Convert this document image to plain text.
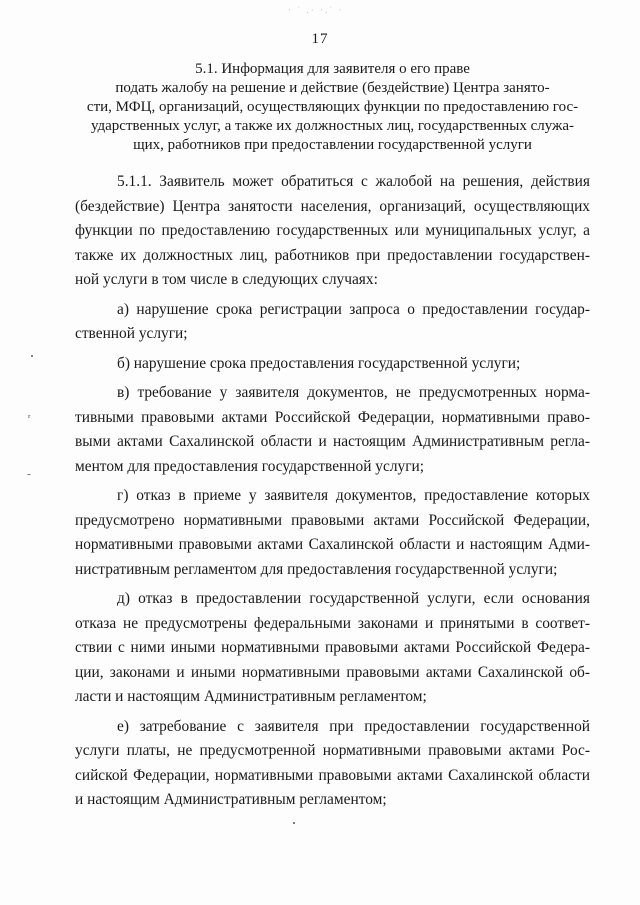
· ˙ .· ·.˙ ·
17
5.1. Информация для заявителя о его праве
подать жалобу на решение и действие (бездействие) Центра занято-
сти, МФЦ, организаций, осуществляющих функции по предоставлению гос-
ударственных услуг, а также их должностных лиц, государственных служа-
щих, работников при предоставлении государственной услуги
5.1.1. Заявитель может обратиться с жалобой на решения, действия
(бездействие) Центра занятости населения, организаций, осуществляющих
функции по предоставлению государственных или муниципальных услуг, а
также их должностных лиц, работников при предоставлении государствен-
ной услуги в том числе в следующих случаях:
а) нарушение срока регистрации запроса о предоставлении государ-
ственной услуги;
б) нарушение срока предоставления государственной услуги;
в) требование у заявителя документов, не предусмотренных норма-
тивными правовыми актами Российской Федерации, нормативными право-
выми актами Сахалинской области и настоящим Административным регла-
ментом для предоставления государственной услуги;
г) отказ в приеме у заявителя документов, предоставление которых
предусмотрено нормативными правовыми актами Российской Федерации,
нормативными правовыми актами Сахалинской области и настоящим Адми-
нистративным регламентом для предоставления государственной услуги;
д) отказ в предоставлении государственной услуги, если основания
отказа не предусмотрены федеральными законами и принятыми в соответ-
ствии с ними иными нормативными правовыми актами Российской Федера-
ции, законами и иными нормативными правовыми актами Сахалинской об-
ласти и настоящим Административным регламентом;
е) затребование с заявителя при предоставлении государственной
услуги платы, не предусмотренной нормативными правовыми актами Рос-
сийской Федерации, нормативными правовыми актами Сахалинской области
и настоящим Административным регламентом;
ʳ
˜
